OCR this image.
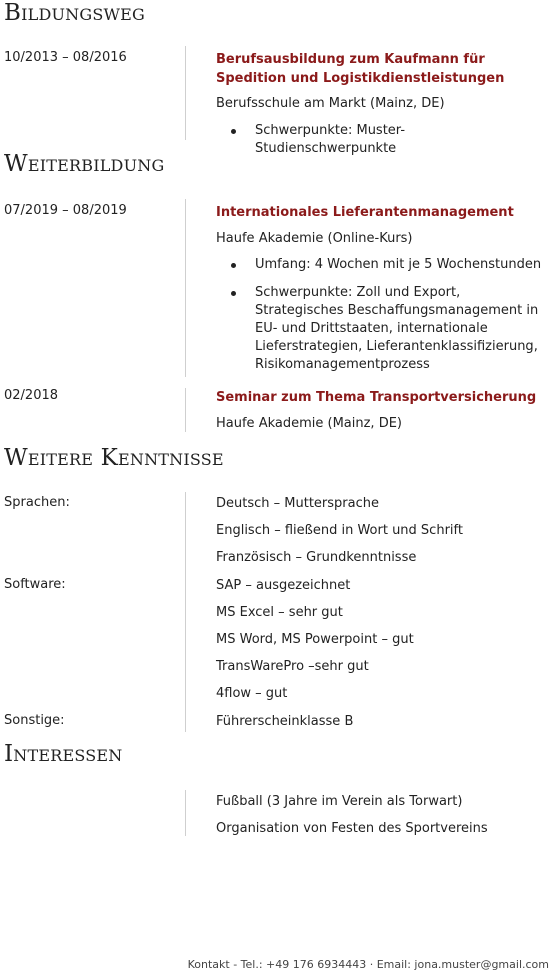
Bildungsweg
10/2013 – 08/2016	Berufsausbildung zum Kaufmann für Spedition und Logistikdienstleistungen
Berufsschule am Markt (Mainz, DE)
Schwerpunkte: Muster-Studienschwerpunkte
Weiterbildung
07/2019 – 08/2019	Internationales Lieferantenmanagement
Haufe Akademie (Online-Kurs)
Umfang: 4 Wochen mit je 5 Wochenstunden
Schwerpunkte: Zoll und Export, Strategisches Beschaffungsmanagement in EU- und Drittstaaten, internationale Lieferstrategien, Lieferantenklassifizierung, Risikomanagementprozess
02/2018	Seminar zum Thema Transportversicherung
Haufe Akademie (Mainz, DE)
Weitere Kenntnisse
Sprachen:	Deutsch – Muttersprache
Englisch – fließend in Wort und Schrift
Französisch – Grundkenntnisse
Software:	SAP – ausgezeichnet
MS Excel – sehr gut
MS Word, MS Powerpoint – gut
TransWarePro –sehr gut
4flow – gut
Sonstige:	Führerscheinklasse B
Interessen
Fußball (3 Jahre im Verein als Torwart)
Organisation von Festen des Sportvereins
Kontakt - Tel.: +49 176 6934443 · Email: jona.muster@gmail.com
